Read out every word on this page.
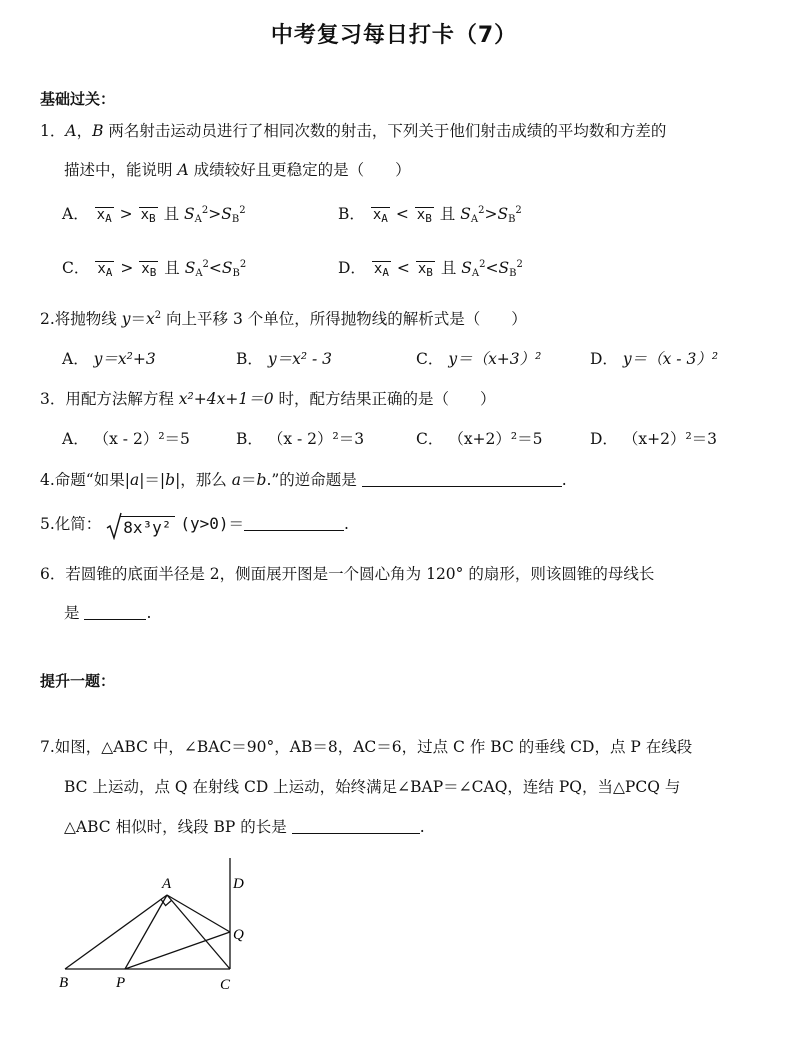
中考复习每日打卡（7）
基础过关：
1．A，B 两名射击运动员进行了相同次数的射击，下列关于他们射击成绩的平均数和方差的
描述中，能说明 A 成绩较好且更稳定的是（　　）
A． $x_A > x_B$ 且 $S_A^2>S_B^2$	B． $x_A < x_B$ 且 $S_A^2>S_B^2$
C． $x_A > x_B$ 且 $S_A^2<S_B^2$	D． $x_A < x_B$ 且 $S_A^2<S_B^2$
2.将抛物线 $y=x^2$ 向上平移 3 个单位，所得抛物线的解析式是（　　）
A． y＝x²+3	B． y＝x² - 3	C． y＝（x+3）²	D． y＝（x - 3）²
3．用配方法解方程 x²+4x+1＝0 时，配方结果正确的是（　　）
A． （x - 2）²＝5	B． （x - 2）²＝3	C． （x+2）²＝5	D． （x+2）²＝3
4.命题“如果|a|＝|b|，那么 a＝b.”的逆命题是	.
5.化简： 8x³y² (y>0)＝	.
6．若圆锥的底面半径是 2，侧面展开图是一个圆心角为 120° 的扇形，则该圆锥的母线长
是	.
提升一题：
7.如图，△ABC 中，∠BAC＝90°，AB＝8，AC＝6，过点 C 作 BC 的垂线 CD，点 P 在线段
BC 上运动，点 Q 在射线 CD 上运动，始终满足∠BAP＝∠CAQ，连结 PQ，当△PCQ 与
△ABC 相似时，线段 BP 的长是	.
A
B	C
D
P
Q
